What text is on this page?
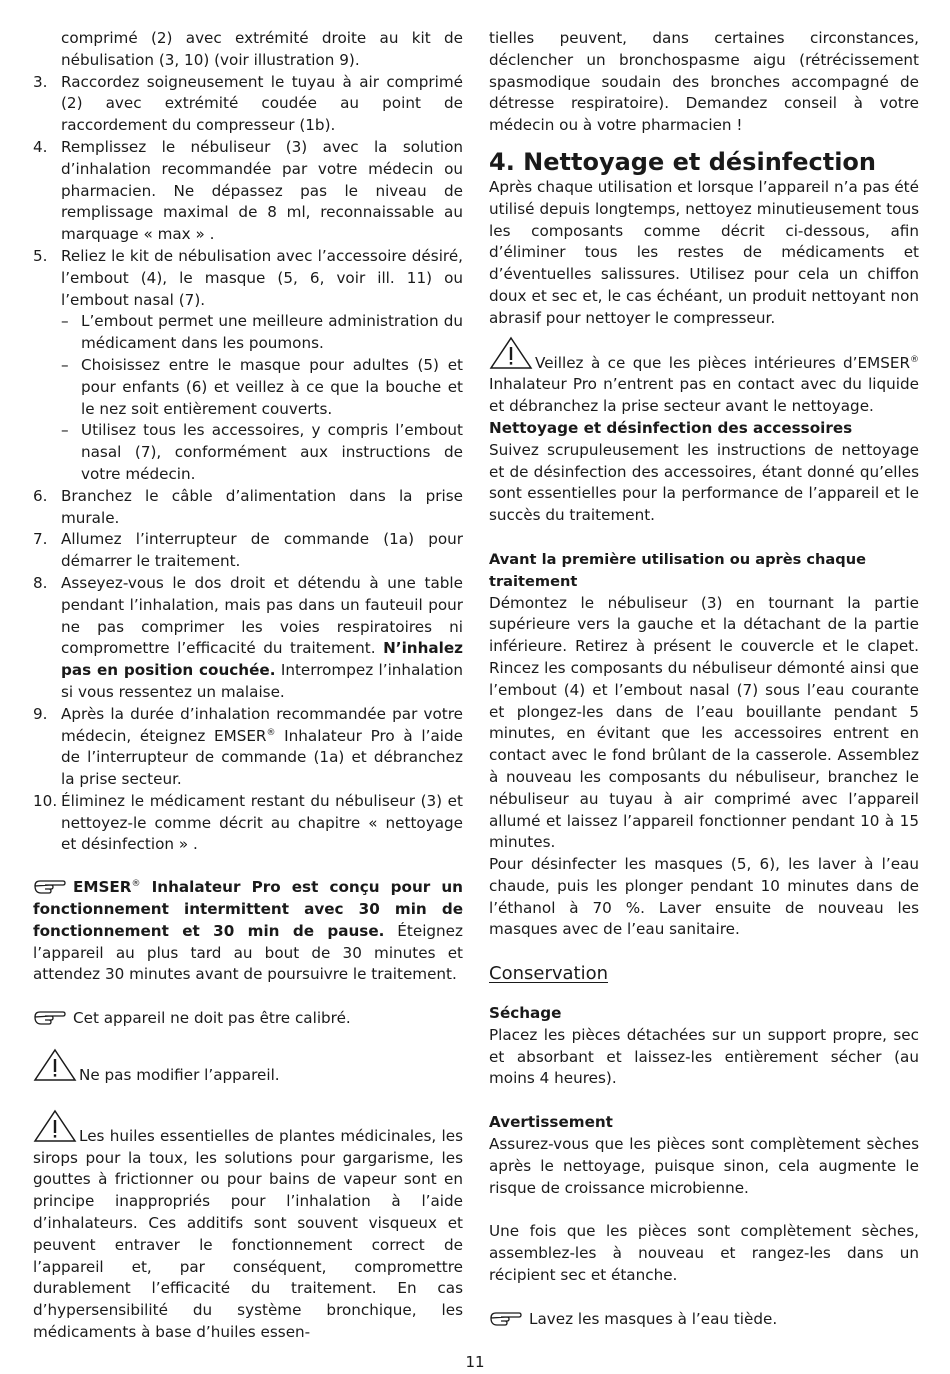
comprimé (2) avec extrémité droite au kit de nébulisation (3, 10) (voir illustration 9).

3. Raccordez soigneusement le tuyau à air comprimé (2) avec extrémité coudée au point de raccordement du compresseur (1b).
4. Remplissez le nébuliseur (3) avec la solution d’inhalation recommandée par votre médecin ou pharmacien. Ne dépassez pas le niveau de remplissage maximal de 8 ml, reconnaissable au marquage « max » .
5. Reliez le kit de nébulisation avec l’accessoire désiré, l’embout (4), le masque (5, 6, voir ill. 11) ou l’embout nasal (7).
– L’embout permet une meilleure administration du médicament dans les poumons.
– Choisissez entre le masque pour adultes (5) et pour enfants (6) et veillez à ce que la bouche et le nez soit entièrement couverts.
– Utilisez tous les accessoires, y compris l’embout nasal (7), conformément aux instructions de votre médecin.
6. Branchez le câble d’alimentation dans la prise murale.
7. Allumez l’interrupteur de commande (1a) pour démarrer le traitement.
8. Asseyez-vous le dos droit et détendu à une table pendant l’inhalation, mais pas dans un fauteuil pour ne pas comprimer les voies respiratoires ni compromettre l’efficacité du traitement. N’inhalez pas en position couchée. Interrompez l’inhalation si vous ressentez un malaise.
9. Après la durée d’inhalation recommandée par votre médecin, éteignez EMSER® Inhalateur Pro à l’aide de l’interrupteur de commande (1a) et débranchez la prise secteur.
10. Éliminez le médicament restant du nébuliseur (3) et nettoyez-le comme décrit au chapitre « nettoyage et désinfection » .

EMSER® Inhalateur Pro est conçu pour un fonctionnement intermittent avec 30 min de fonctionnement et 30 min de pause. Éteignez l’appareil au plus tard au bout de 30 minutes et attendez 30 minutes avant de poursuivre le traitement.

Cet appareil ne doit pas être calibré.

Ne pas modifier l’appareil.

Les huiles essentielles de plantes médicinales, les sirops pour la toux, les solutions pour gargarisme, les gouttes à frictionner ou pour bains de vapeur sont en principe inappropriés pour l’inhalation à l’aide d’inhalateurs. Ces additifs sont souvent visqueux et peuvent entraver le fonctionnement correct de l’appareil et, par conséquent, compromettre durablement l’efficacité du traitement. En cas d’hypersensibilité du système bronchique, les médicaments à base d’huiles essen-

tielles peuvent, dans certaines circonstances, déclencher un bronchospasme aigu (rétrécissement spasmodique soudain des bronches accompagné de détresse respiratoire). Demandez conseil à votre médecin ou à votre pharmacien !

4. Nettoyage et désinfection

Après chaque utilisation et lorsque l’appareil n’a pas été utilisé depuis longtemps, nettoyez minutieusement tous les composants comme décrit ci-dessous, afin d’éliminer tous les restes de médicaments et d’éventuelles salissures. Utilisez pour cela un chiffon doux et sec et, le cas échéant, un produit nettoyant non abrasif pour nettoyer le compresseur.

Veillez à ce que les pièces intérieures d’EMSER® Inhalateur Pro n’entrent pas en contact avec du liquide et débranchez la prise secteur avant le nettoyage.

Nettoyage et désinfection des accessoires

Suivez scrupuleusement les instructions de nettoyage et de désinfection des accessoires, étant donné qu’elles sont essentielles pour la performance de l’appareil et le succès du traitement.

Avant la première utilisation ou après chaque traitement

Démontez le nébuliseur (3) en tournant la partie supérieure vers la gauche et la détachant de la partie inférieure. Retirez à présent le couvercle et le clapet. Rincez les composants du nébuliseur démonté ainsi que l’embout (4) et l’embout nasal (7) sous l’eau courante et plongez-les dans de l’eau bouillante pendant 5 minutes, en évitant que les accessoires entrent en contact avec le fond brûlant de la casserole. Assemblez à nouveau les composants du nébuliseur, branchez le nébuliseur au tuyau à air comprimé avec l’appareil allumé et laissez l’appareil fonctionner pendant 10 à 15 minutes.

Pour désinfecter les masques (5, 6), les laver à l’eau chaude, puis les plonger pendant 10 minutes dans de l’éthanol à 70 %. Laver ensuite de nouveau les masques avec de l’eau sanitaire.

Conservation

Séchage

Placez les pièces détachées sur un support propre, sec et absorbant et laissez-les entièrement sécher (au moins 4 heures).

Avertissement

Assurez-vous que les pièces sont complètement sèches après le nettoyage, puisque sinon, cela augmente le risque de croissance microbienne.

Une fois que les pièces sont complètement sèches, assemblez-les à nouveau et rangez-les dans un récipient sec et étanche.

Lavez les masques à l’eau tiède.

11
